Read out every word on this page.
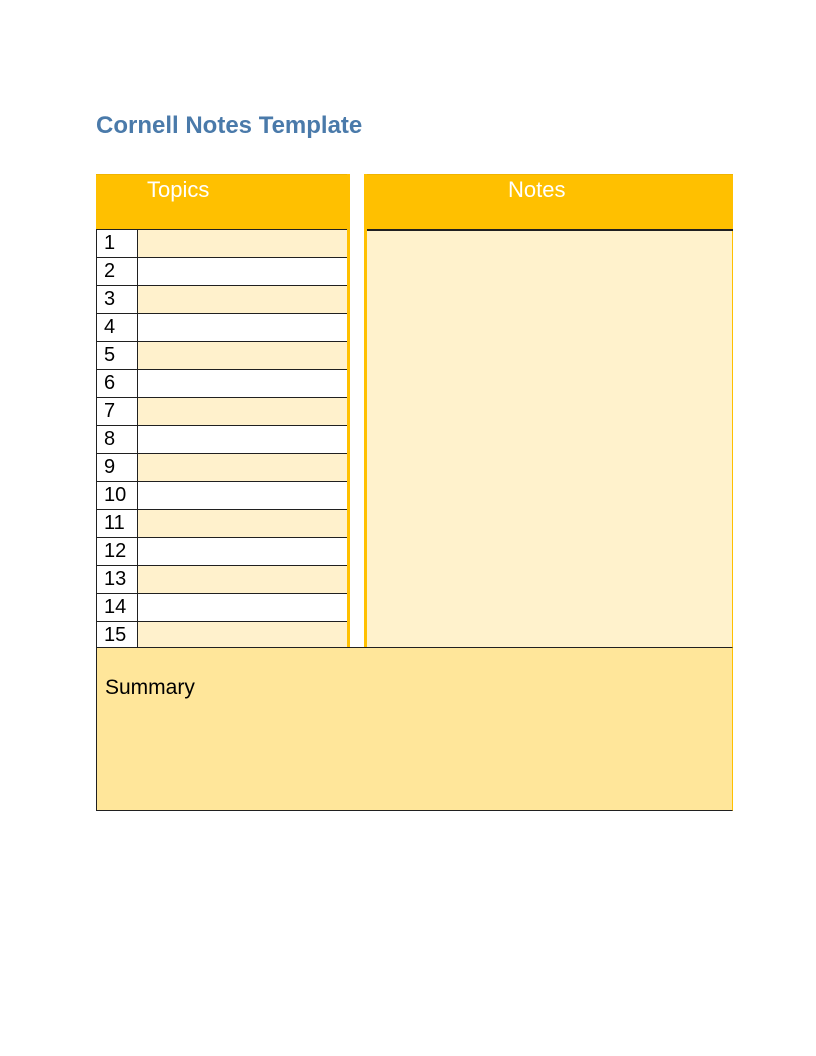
Cornell Notes Template
Topics	Notes
1
2
3
4
5
6
7
8
9
10
11
12
13
14
15
Summary
